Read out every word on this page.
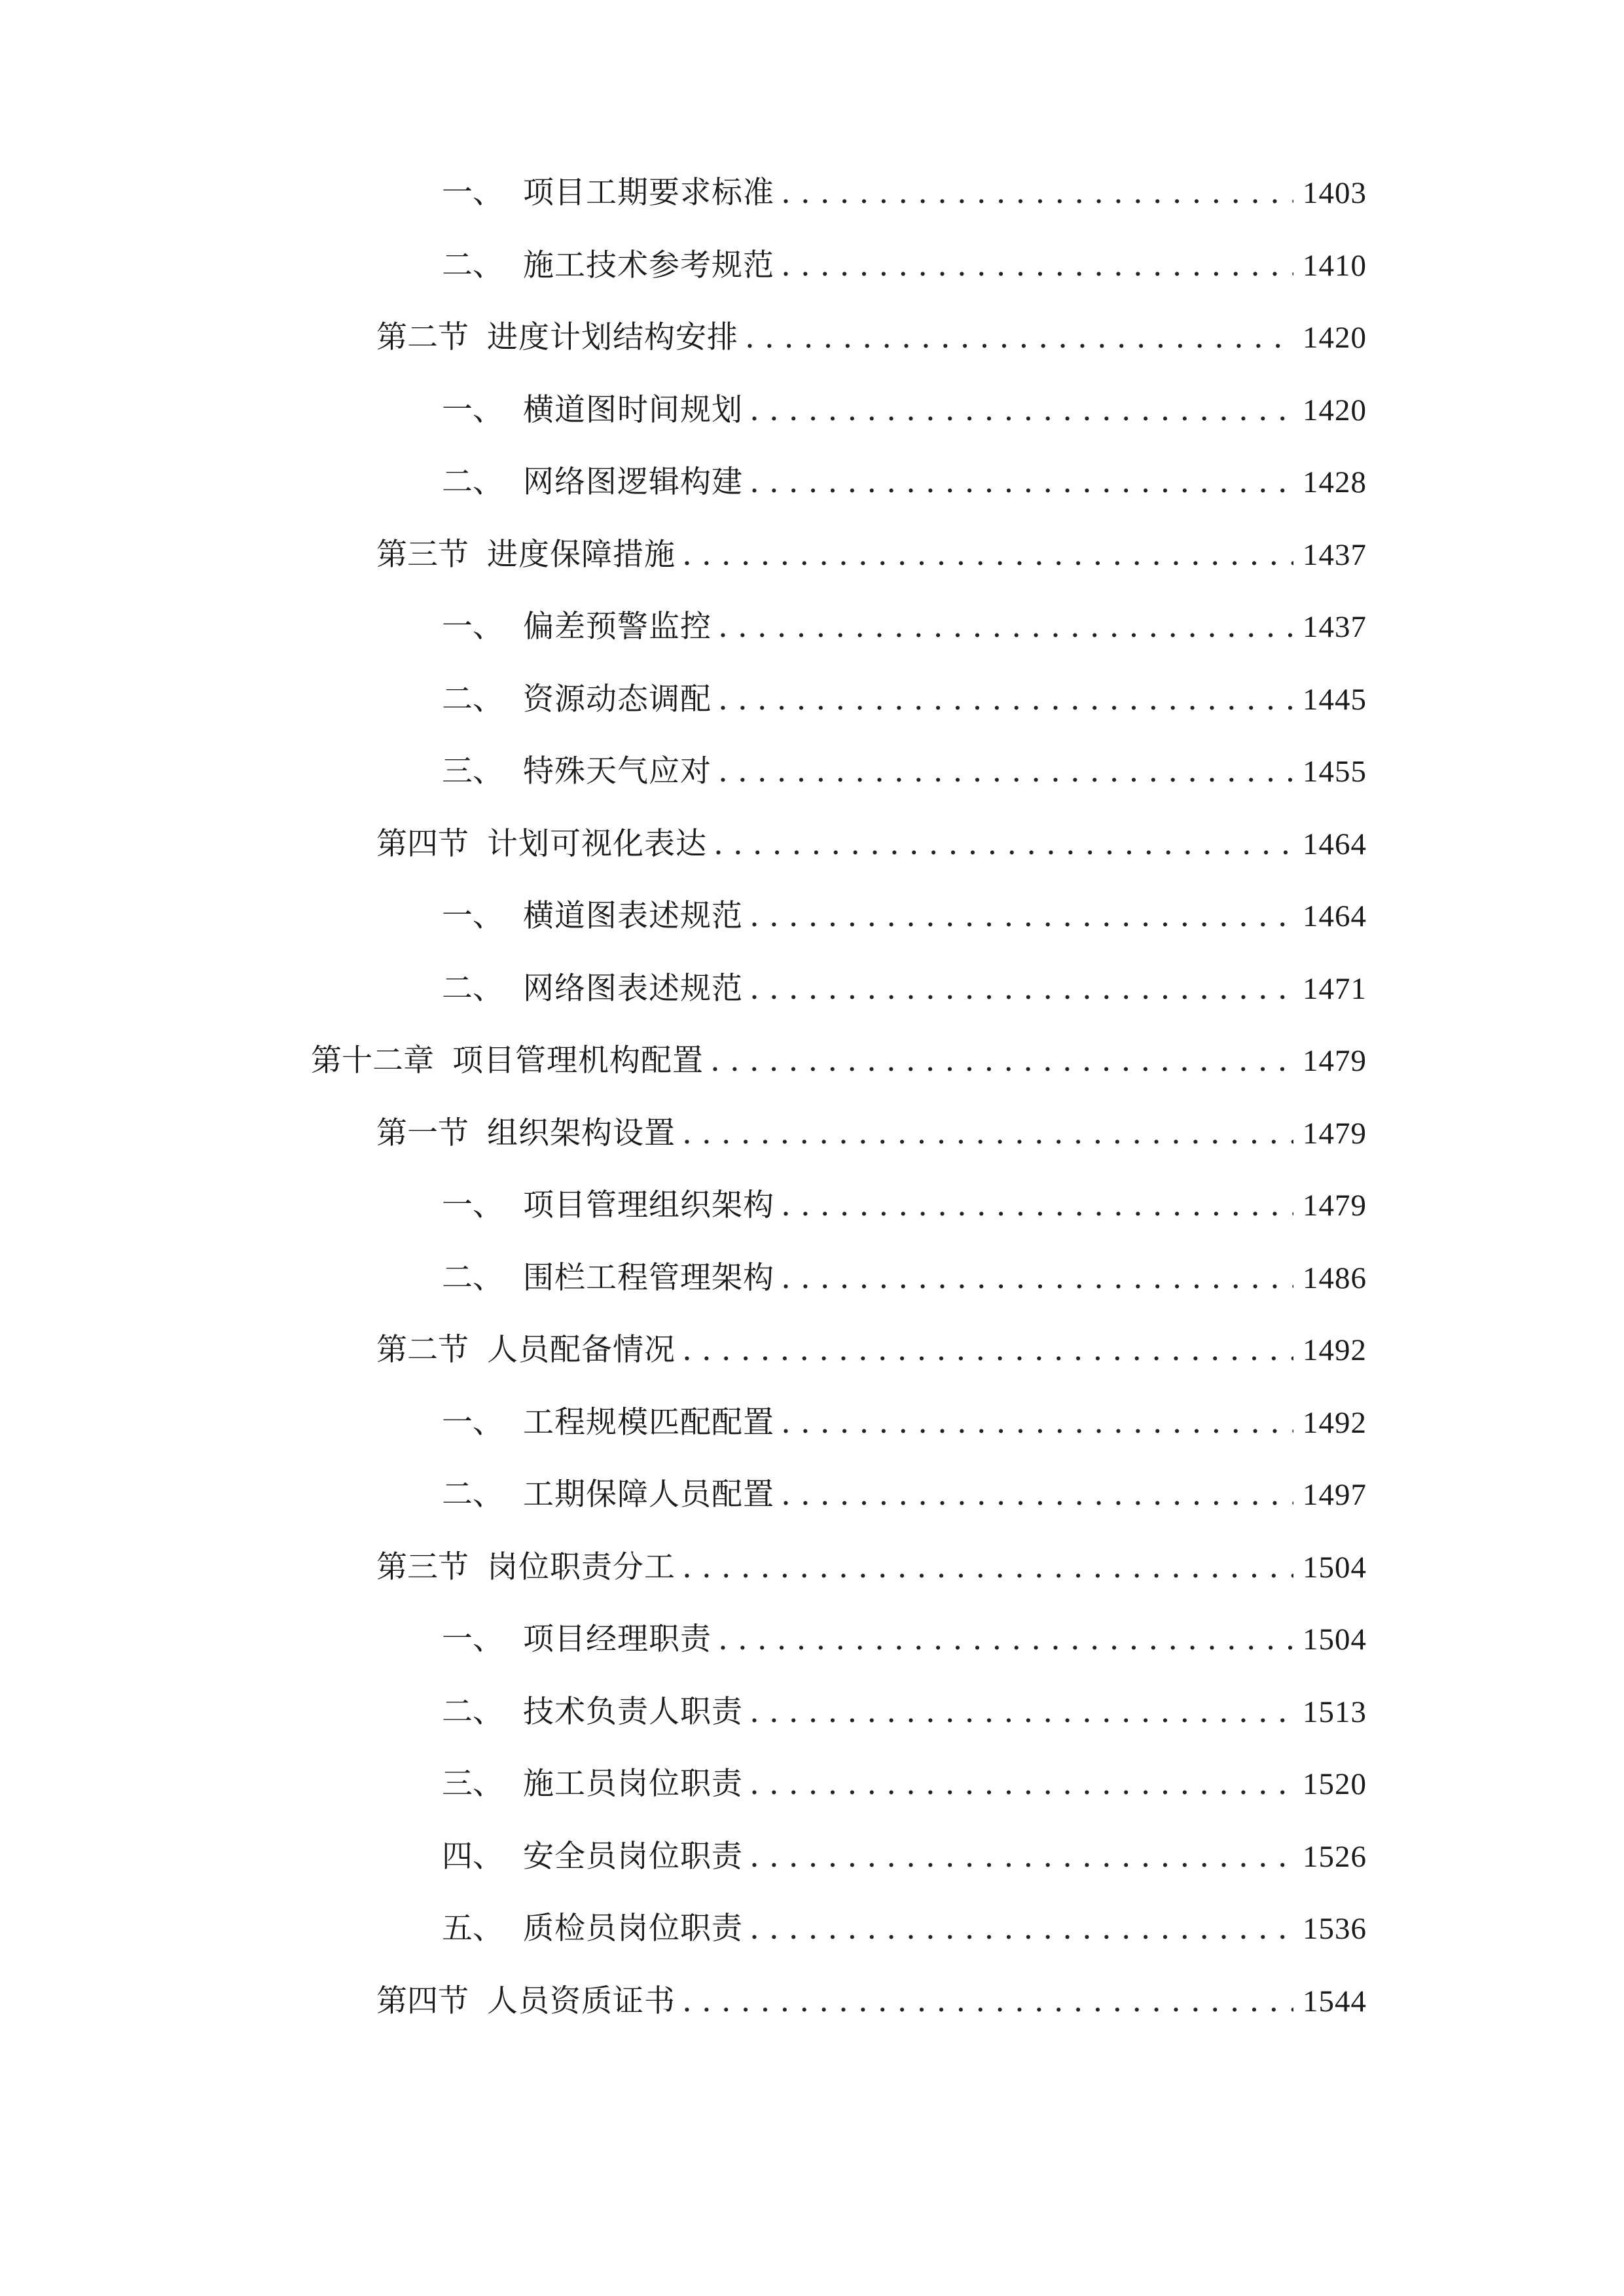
一、 项目工期要求标准 . . .	1403
二、 施工技术参考规范 . . .	1410
第二节 进度计划结构安排 . . .	1420
一、 横道图时间规划 . . .	1420
二、 网络图逻辑构建 . . .	1428
第三节 进度保障措施 . . .	1437
一、 偏差预警监控 . . .	1437
二、 资源动态调配 . . .	1445
三、 特殊天气应对 . . .	1455
第四节 计划可视化表达 . . .	1464
一、 横道图表述规范 . . .	1464
二、 网络图表述规范 . . .	1471
第十二章 项目管理机构配置 . . .	1479
第一节 组织架构设置 . . .	1479
一、 项目管理组织架构 . . .	1479
二、 围栏工程管理架构 . . .	1486
第二节 人员配备情况 . . .	1492
一、 工程规模匹配配置 . . .	1492
二、 工期保障人员配置 . . .	1497
第三节 岗位职责分工 . . .	1504
一、 项目经理职责 . . .	1504
二、 技术负责人职责 . . .	1513
三、 施工员岗位职责 . . .	1520
四、 安全员岗位职责 . . .	1526
五、 质检员岗位职责 . . .	1536
第四节 人员资质证书 . . .	1544
